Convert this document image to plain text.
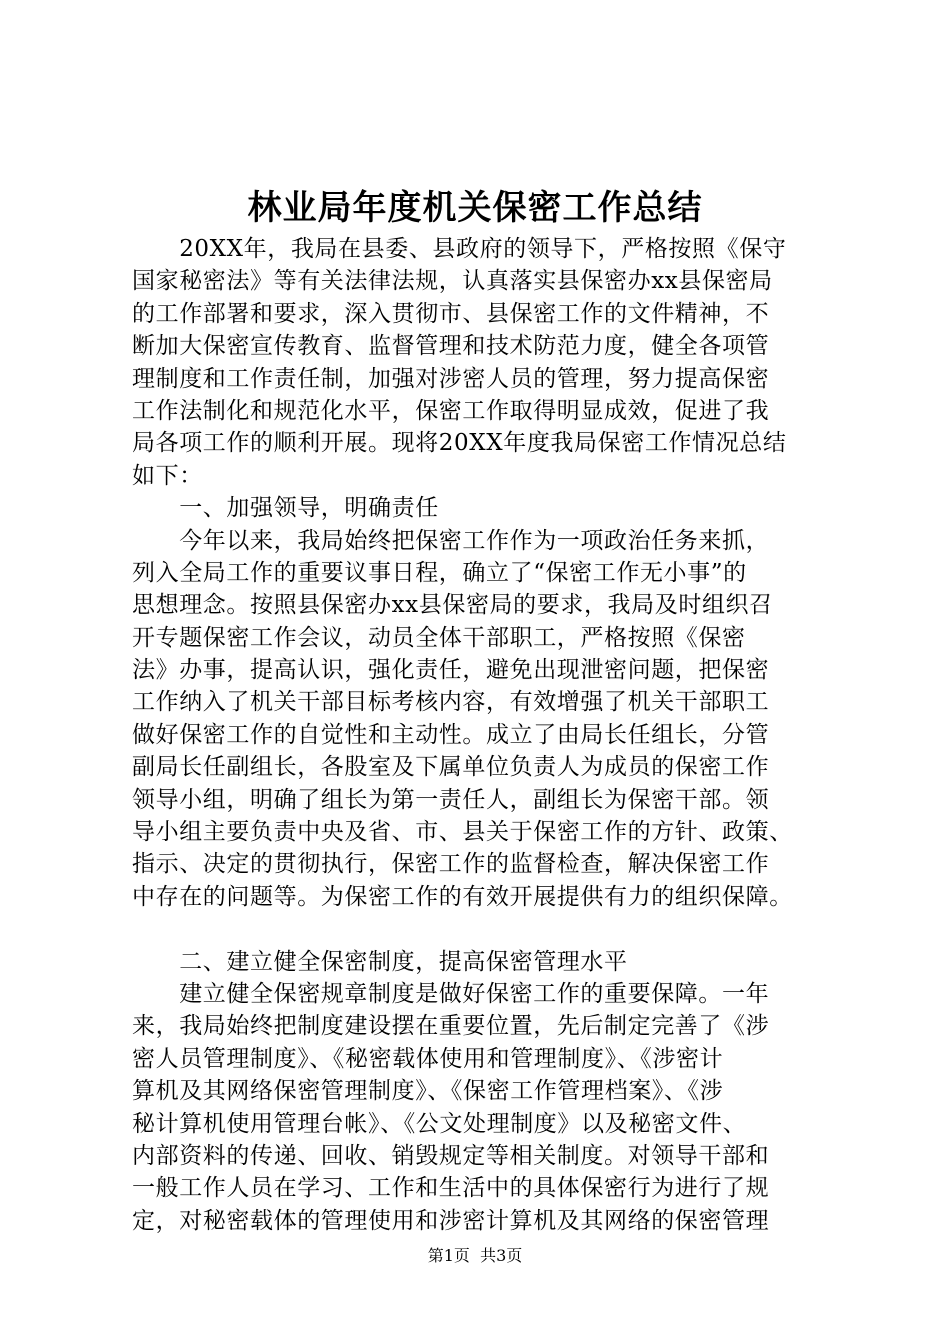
林业局年度机关保密工作总结
　　20XX年，我局在县委、县政府的领导下，严格按照《保守
国家秘密法》等有关法律法规，认真落实县保密办xx县保密局
的工作部署和要求，深入贯彻市、县保密工作的文件精神，不
断加大保密宣传教育、监督管理和技术防范力度，健全各项管
理制度和工作责任制，加强对涉密人员的管理，努力提高保密
工作法制化和规范化水平，保密工作取得明显成效，促进了我
局各项工作的顺利开展。现将20XX年度我局保密工作情况总结
如下：
　　一、加强领导，明确责任
　　今年以来，我局始终把保密工作作为一项政治任务来抓，
列入全局工作的重要议事日程，确立了“保密工作无小事”的
思想理念。按照县保密办xx县保密局的要求，我局及时组织召
开专题保密工作会议，动员全体干部职工，严格按照《保密
法》办事，提高认识，强化责任，避免出现泄密问题，把保密
工作纳入了机关干部目标考核内容，有效增强了机关干部职工
做好保密工作的自觉性和主动性。成立了由局长任组长，分管
副局长任副组长，各股室及下属单位负责人为成员的保密工作
领导小组，明确了组长为第一责任人，副组长为保密干部。领
导小组主要负责中央及省、市、县关于保密工作的方针、政策、
指示、决定的贯彻执行，保密工作的监督检查，解决保密工作
中存在的问题等。为保密工作的有效开展提供有力的组织保障。
　　二、建立健全保密制度，提高保密管理水平
　　建立健全保密规章制度是做好保密工作的重要保障。一年
来，我局始终把制度建设摆在重要位置，先后制定完善了《涉
密人员管理制度》、《秘密载体使用和管理制度》、《涉密计
算机及其网络保密管理制度》、《保密工作管理档案》、《涉
秘计算机使用管理台帐》、《公文处理制度》以及秘密文件、
内部资料的传递、回收、销毁规定等相关制度。对领导干部和
一般工作人员在学习、工作和生活中的具体保密行为进行了规
定，对秘密载体的管理使用和涉密计算机及其网络的保密管理
第1页  共3页
